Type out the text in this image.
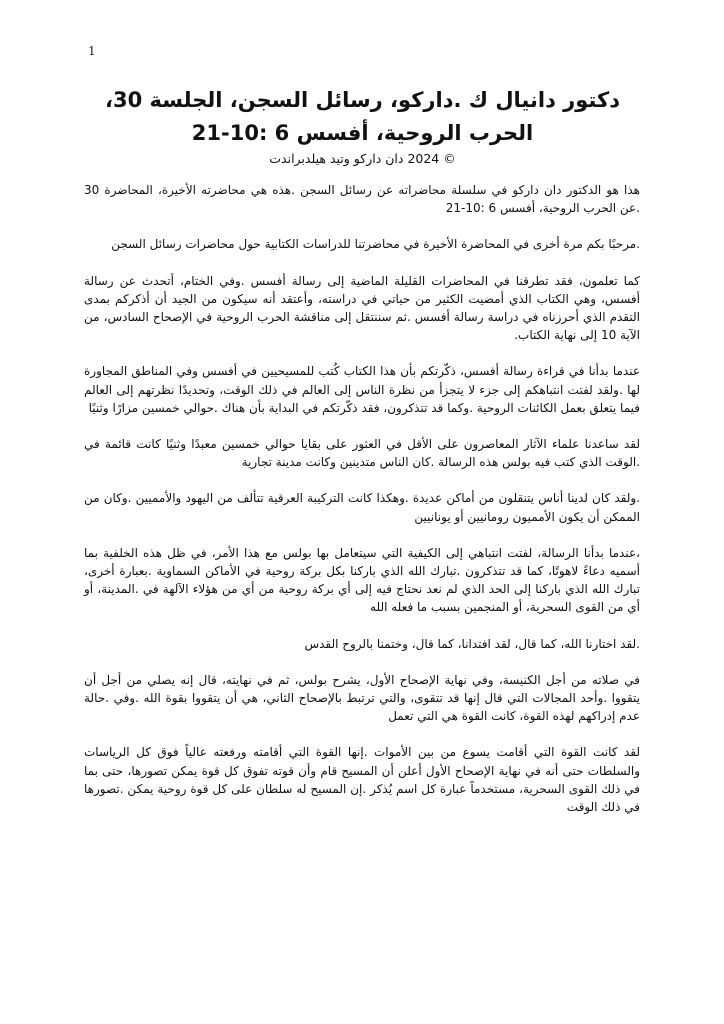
1
دكتور دانيال ك .داركو، رسائل السجن، الجلسة 30، الحرب الروحية، أفسس 6 :10-21

© 2024 دان داركو وتيد هيلدبراندت

هذا هو الدكتور دان داركو في سلسلة محاضراته عن رسائل السجن .هذه هي محاضرته الأخيرة، المحاضرة 30 .عن الحرب الروحية، أفسس 6 :10-21

.مرحبًا بكم مرة أخرى في المحاضرة الأخيرة في محاضرتنا للدراسات الكتابية حول محاضرات رسائل السجن

كما تعلمون، فقد تطرقنا في المحاضرات القليلة الماضية إلى رسالة أفسس .وفي الختام، أتحدث عن رسالة أفسس، وهي الكتاب الذي أمضيت الكثير من حياتي في دراسته، وأعتقد أنه سيكون من الجيد أن أذكركم بمدى التقدم الذي أحرزناه في دراسة رسالة أفسس .ثم سننتقل إلى مناقشة الحرب الروحية في الإصحاح السادس، من الآية 10 إلى نهاية الكتاب.

عندما بدأنا في قراءة رسالة أفسس، ذكّرتكم بأن هذا الكتاب كُتب للمسيحيين في أفسس وفي المناطق المجاورة لها .ولقد لفتت انتباهكم إلى جزء لا يتجزأ من نظرة الناس إلى العالم في ذلك الوقت، وتحديدًا نظرتهم إلى العالم فيما يتعلق بعمل الكائنات الروحية .وكما قد تتذكرون، فقد ذكّرتكم في البداية بأن هناك .حوالي خمسين مزارًا وثنيًا

لقد ساعدنا علماء الآثار المعاصرون على الأقل في العثور على بقايا حوالي خمسين معبدًا وثنيًا كانت قائمة في .الوقت الذي كتب فيه بولس هذه الرسالة .كان الناس متدينين وكانت مدينة تجارية

.ولقد كان لدينا أناس يتنقلون من أماكن عديدة .وهكذا كانت التركيبة العرقية تتألف من اليهود والأمميين .وكان من الممكن أن يكون الأمميون رومانيين أو يونانيين

،عندما بدأنا الرسالة، لفتت انتباهي إلى الكيفية التي سيتعامل بها بولس مع هذا الأمر، في ظل هذه الخلفية بما أسميه دعاءً لاهوتًا، كما قد تتذكرون .تبارك الله الذي باركنا بكل بركة روحية في الأماكن السماوية .بعبارة أخرى، تبارك الله الذي باركنا إلى الحد الذي لم نعد نحتاج فيه إلى أي بركة روحية من أي من هؤلاء الآلهة في .المدينة، أو أي من القوى السحرية، أو المنجمين بسبب ما فعله الله

.لقد اختارنا الله، كما قال، لقد افتدانا، كما قال، وختمنا بالروح القدس

في صلاته من أجل الكنيسة، وفي نهاية الإصحاح الأول، يشرح بولس، ثم في نهايته، قال إنه يصلي من أجل أن يتقووا .وأحد المجالات التي قال إنها قد تتقوى، والتي ترتبط بالإصحاح الثاني، هي أن يتقووا بقوة الله .وفي .حالة عدم إدراكهم لهذه القوة، كانت القوة هي التي تعمل

لقد كانت القوة التي أقامت يسوع من بين الأموات .إنها القوة التي أقامته ورفعته عالياً فوق كل الرياسات والسلطات حتى أنه في نهاية الإصحاح الأول أعلن أن المسيح قام وأن قوته تفوق كل قوة يمكن تصورها، حتى بما في ذلك القوى السحرية، مستخدماً عبارة كل اسم يُذكر .إن المسيح له سلطان على كل قوة روحية يمكن .تصورها في ذلك الوقت
